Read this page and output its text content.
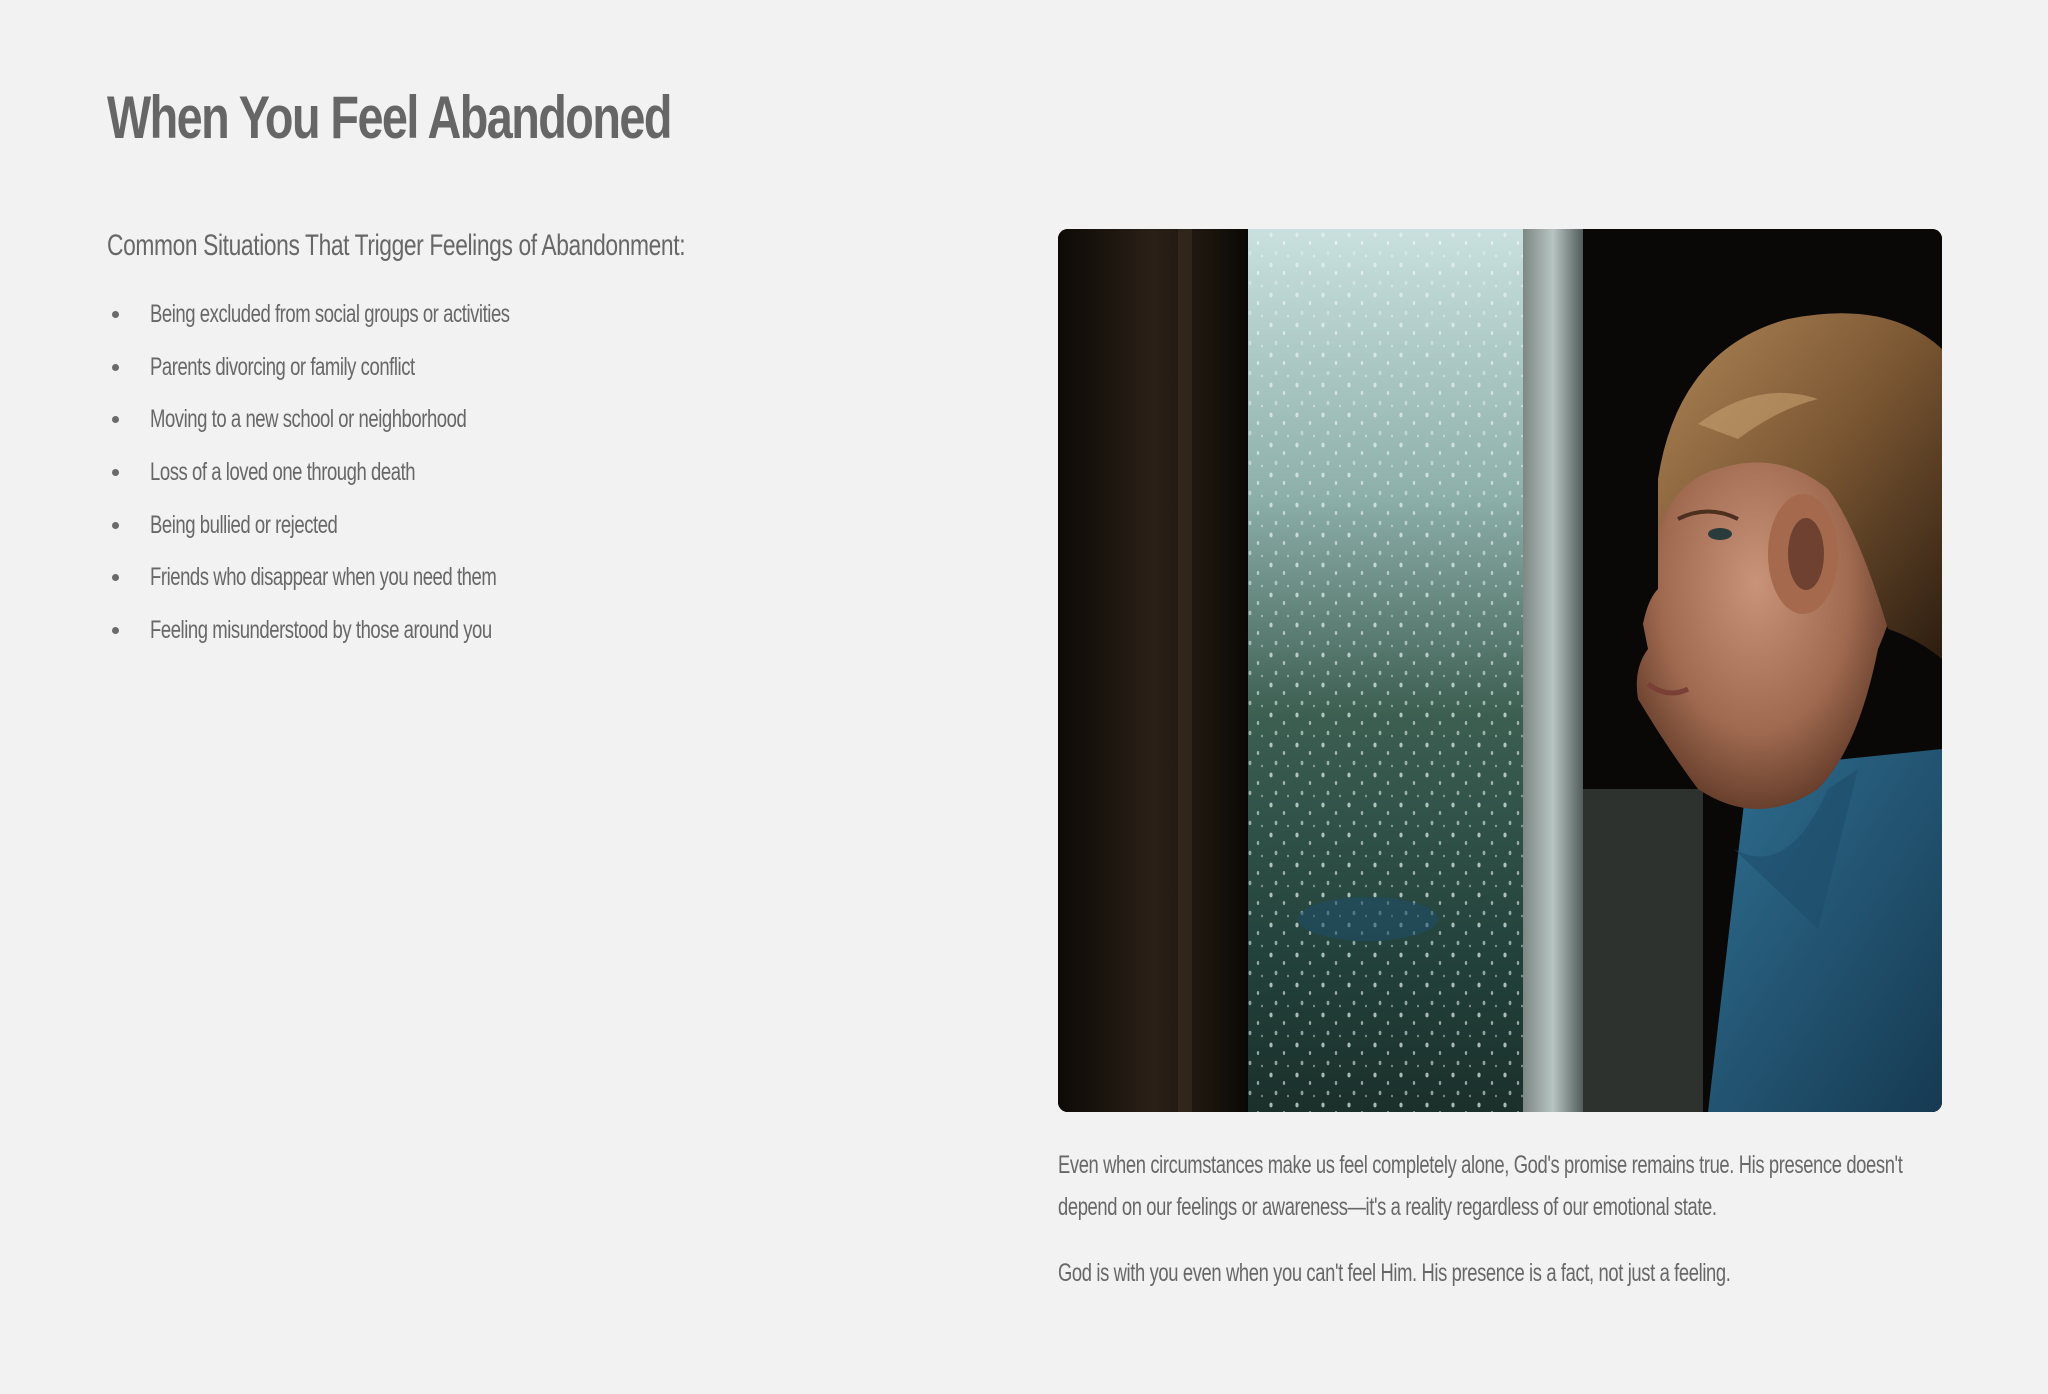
When You Feel Abandoned
Common Situations That Trigger Feelings of Abandonment:
Being excluded from social groups or activities
Parents divorcing or family conflict
Moving to a new school or neighborhood
Loss of a loved one through death
Being bullied or rejected
Friends who disappear when you need them
Feeling misunderstood by those around you

Even when circumstances make us feel completely alone, God's promise remains true. His presence doesn't depend on our feelings or awareness—it's a reality regardless of our emotional state.

God is with you even when you can't feel Him. His presence is a fact, not just a feeling.
